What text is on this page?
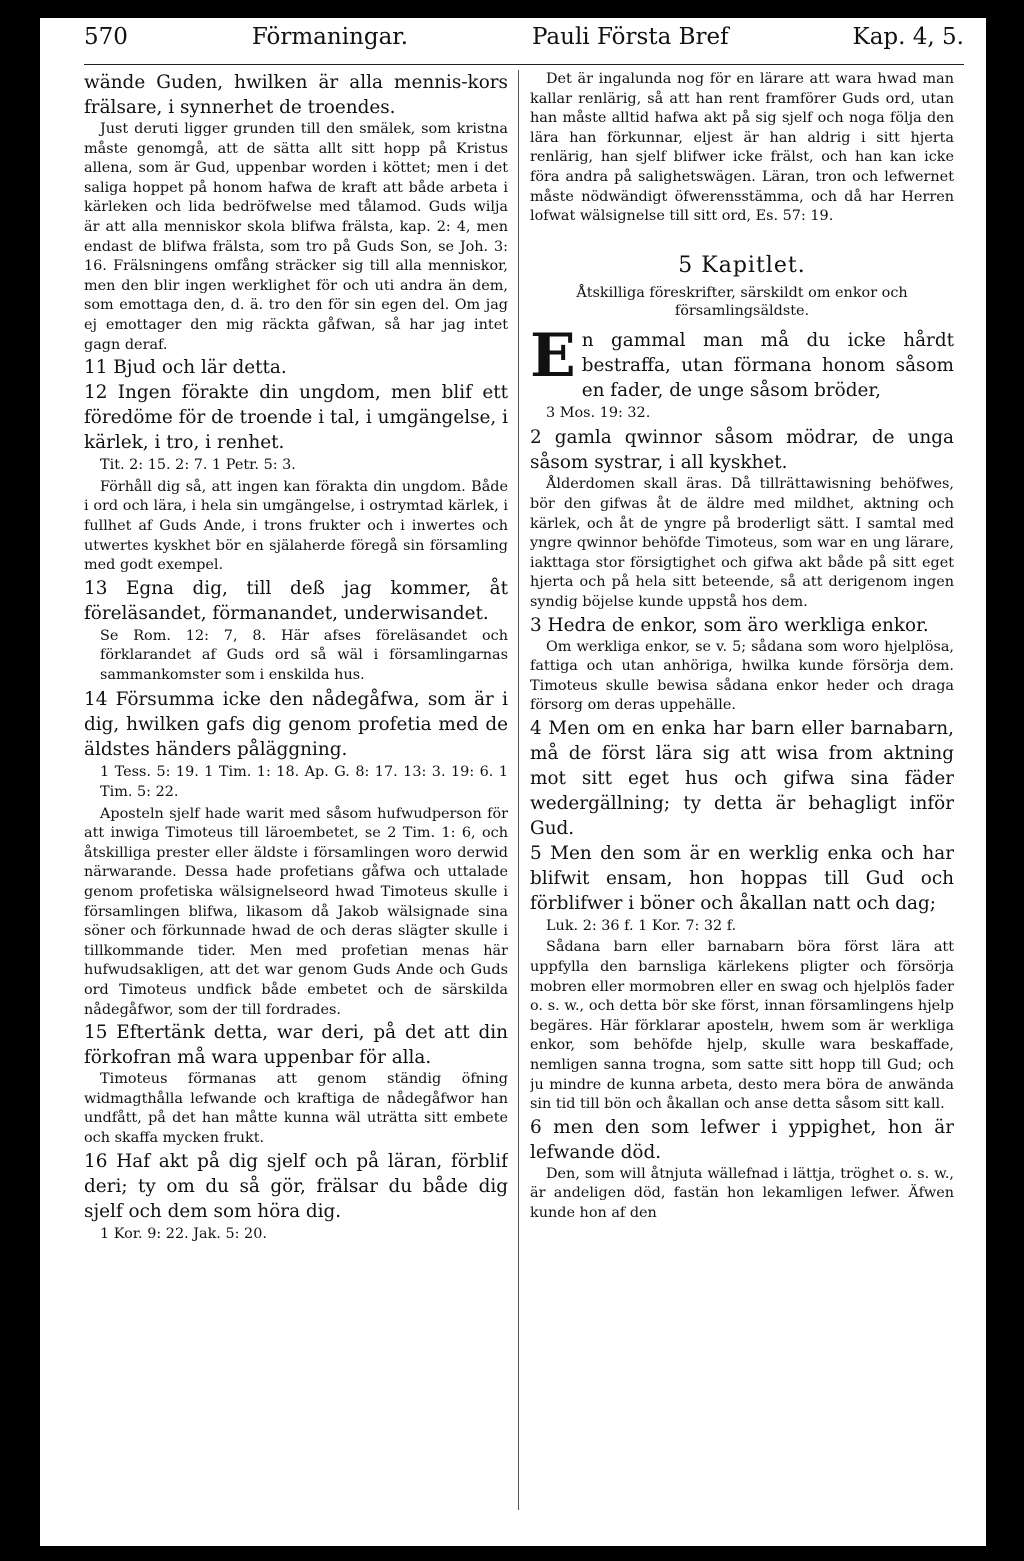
570	Förmaningar.	Pauli Första Bref	Kap. 4, 5.

wände Guden, hwilken är alla mennis-kors frälsare, i synnerhet de troendes.

Just deruti ligger grunden till den smälek, som kristna måste genomgå, att de sätta allt sitt hopp på Kristus allena, som är Gud, uppenbar worden i köttet; men i det saliga hoppet på honom hafwa de kraft att både arbeta i kärleken och lida bedröfwelse med tålamod. Guds wilja är att alla menniskor skola blifwa frälsta, kap. 2: 4, men endast de blifwa frälsta, som tro på Guds Son, se Joh. 3: 16. Frälsningens omfång sträcker sig till alla menniskor, men den blir ingen werklighet för och uti andra än dem, som emottaga den, d. ä. tro den för sin egen del. Om jag ej emottager den mig räckta gåfwan, så har jag intet gagn deraf.

11 Bjud och lär detta.

12 Ingen förakte din ungdom, men blif ett föredöme för de troende i tal, i umgängelse, i kärlek, i tro, i renhet.

Tit. 2: 15. 2: 7. 1 Petr. 5: 3.

Förhåll dig så, att ingen kan förakta din ungdom. Både i ord och lära, i hela sin umgängelse, i ostrymtad kärlek, i fullhet af Guds Ande, i trons frukter och i inwertes och utwertes kyskhet bör en själaherde föregå sin församling med godt exempel.

13 Egna dig, till deß jag kommer, åt föreläsandet, förmanandet, underwisandet.

Se Rom. 12: 7, 8. Här afses föreläsandet och förklarandet af Guds ord så wäl i församlingarnas sammankomster som i enskilda hus.

14 Försumma icke den nådegåfwa, som är i dig, hwilken gafs dig genom profetia med de äldstes händers påläggning.

1 Tess. 5: 19. 1 Tim. 1: 18. Ap. G. 8: 17. 13: 3. 19: 6. 1 Tim. 5: 22.

Aposteln sjelf hade warit med såsom hufwudperson för att inwiga Timoteus till läroembetet, se 2 Tim. 1: 6, och åtskilliga prester eller äldste i församlingen woro derwid närwarande. Dessa hade profetians gåfwa och uttalade genom profetiska wälsignelseord hwad Timoteus skulle i församlingen blifwa, likasom då Jakob wälsignade sina söner och förkunnade hwad de och deras slägter skulle i tillkommande tider. Men med profetian menas här hufwudsakligen, att det war genom Guds Ande och Guds ord Timoteus undfick både embetet och de särskilda nådegåfwor, som der till fordrades.

15 Eftertänk detta, war deri, på det att din förkofran må wara uppenbar för alla.

Timoteus förmanas att genom ständig öfning widmagthålla lefwande och kraftiga de nådegåfwor han undfått, på det han måtte kunna wäl uträtta sitt embete och skaffa mycken frukt.

16 Haf akt på dig sjelf och på läran, förblif deri; ty om du så gör, frälsar du både dig sjelf och dem som höra dig.

1 Kor. 9: 22. Jak. 5: 20.

Det är ingalunda nog för en lärare att wara hwad man kallar renlärig, så att han rent framförer Guds ord, utan han måste alltid hafwa akt på sig sjelf och noga följa den lära han förkunnar, eljest är han aldrig i sitt hjerta renlärig, han sjelf blifwer icke frälst, och han kan icke föra andra på salighetswägen. Läran, tron och lefwernet måste nödwändigt öfwerensstämma, och då har Herren lofwat wälsignelse till sitt ord, Es. 57: 19.

5 Kapitlet.
Åtskilliga föreskrifter, särskildt om enkor och församlingsäldste.

En gammal man må du icke hårdt bestraffa, utan förmana honom såsom en fader, de unge såsom bröder,

3 Mos. 19: 32.

2 gamla qwinnor såsom mödrar, de unga såsom systrar, i all kyskhet.

Ålderdomen skall äras. Då tillrättawisning behöfwes, bör den gifwas åt de äldre med mildhet, aktning och kärlek, och åt de yngre på broderligt sätt. I samtal med yngre qwinnor behöfde Timoteus, som war en ung lärare, iakttaga stor försigtighet och gifwa akt både på sitt eget hjerta och på hela sitt beteende, så att derigenom ingen syndig böjelse kunde uppstå hos dem.

3 Hedra de enkor, som äro werkliga enkor.

Om werkliga enkor, se v. 5; sådana som woro hjelplösa, fattiga och utan anhöriga, hwilka kunde försörja dem. Timoteus skulle bewisa sådana enkor heder och draga försorg om deras uppehälle.

4 Men om en enka har barn eller barnabarn, må de först lära sig att wisa from aktning mot sitt eget hus och gifwa sina fäder wedergällning; ty detta är behagligt inför Gud.

5 Men den som är en werklig enka och har blifwit ensam, hon hoppas till Gud och förblifwer i böner och åkallan natt och dag;

Luk. 2: 36 f. 1 Kor. 7: 32 f.

Sådana barn eller barnabarn böra först lära att uppfylla den barnsliga kärlekens pligter och försörja mobren eller mormobren eller en swag och hjelplös fader o. s. w., och detta bör ske först, innan församlingens hjelp begäres. Här förklarar apostelн, hwem som är werkliga enkor, som behöfde hjelp, skulle wara beskaffade, nemligen sanna trogna, som satte sitt hopp till Gud; och ju mindre de kunna arbeta, desto mera böra de anwända sin tid till bön och åkallan och anse detta såsom sitt kall.

6 men den som lefwer i yppighet, hon är lefwande död.

Den, som will åtnjuta wällefnad i lättja, tröghet o. s. w., är andeligen död, fastän hon lekamligen lefwer. Äfwen kunde hon af den
